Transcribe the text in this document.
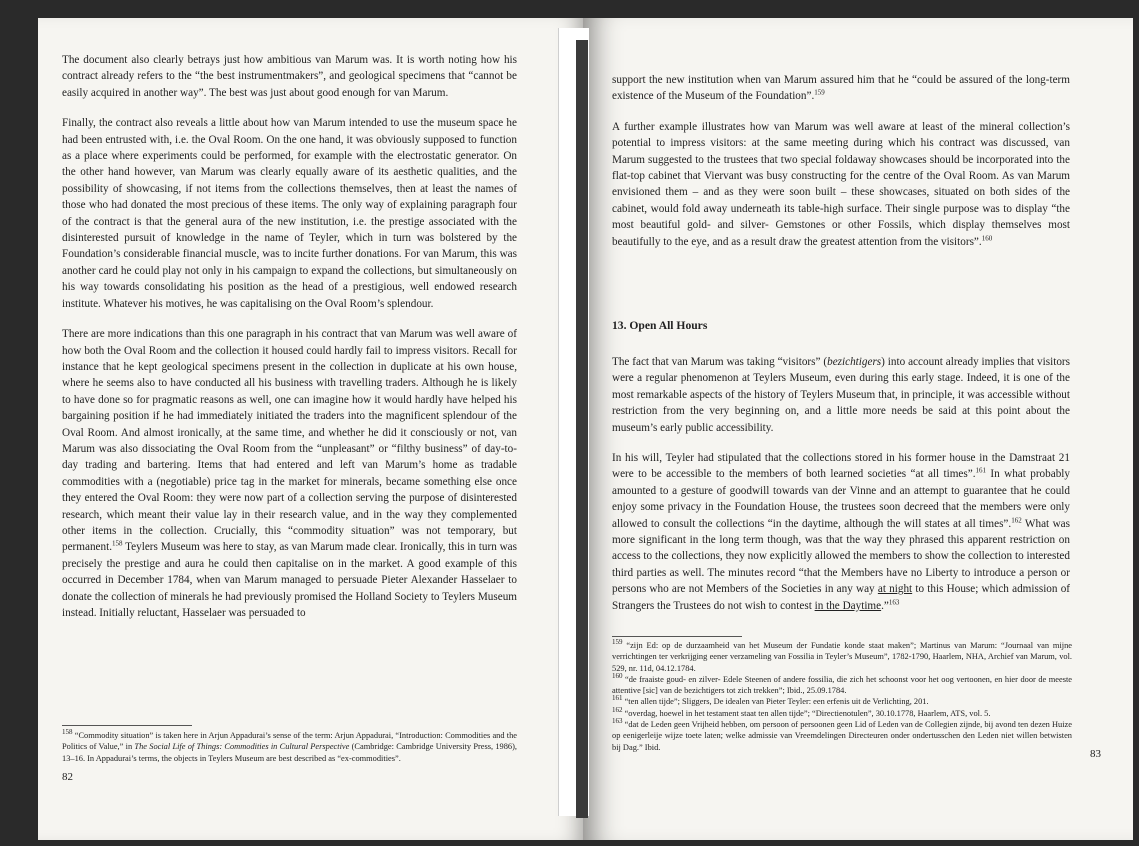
The document also clearly betrays just how ambitious van Marum was. It is worth noting how his contract already refers to the “the best instrumentmakers”, and geological specimens that “cannot be easily acquired in another way”. The best was just about good enough for van Marum.

Finally, the contract also reveals a little about how van Marum intended to use the museum space he had been entrusted with, i.e. the Oval Room. On the one hand, it was obviously supposed to function as a place where experiments could be performed, for example with the electrostatic generator. On the other hand however, van Marum was clearly equally aware of its aesthetic qualities, and the possibility of showcasing, if not items from the collections themselves, then at least the names of those who had donated the most precious of these items. The only way of explaining paragraph four of the contract is that the general aura of the new institution, i.e. the prestige associated with the disinterested pursuit of knowledge in the name of Teyler, which in turn was bolstered by the Foundation’s considerable financial muscle, was to incite further donations. For van Marum, this was another card he could play not only in his campaign to expand the collections, but simultaneously on his way towards consolidating his position as the head of a prestigious, well endowed research institute. Whatever his motives, he was capitalising on the Oval Room’s splendour.

There are more indications than this one paragraph in his contract that van Marum was well aware of how both the Oval Room and the collection it housed could hardly fail to impress visitors. Recall for instance that he kept geological specimens present in the collection in duplicate at his own house, where he seems also to have conducted all his business with travelling traders. Although he is likely to have done so for pragmatic reasons as well, one can imagine how it would hardly have helped his bargaining position if he had immediately initiated the traders into the magnificent splendour of the Oval Room. And almost ironically, at the same time, and whether he did it consciously or not, van Marum was also dissociating the Oval Room from the “unpleasant” or “filthy business” of day-to-day trading and bartering. Items that had entered and left van Marum’s home as tradable commodities with a (negotiable) price tag in the market for minerals, became something else once they entered the Oval Room: they were now part of a collection serving the purpose of disinterested research, which meant their value lay in their research value, and in the way they complemented other items in the collection. Crucially, this “commodity situation” was not temporary, but permanent.$^{158}$ Teylers Museum was here to stay, as van Marum made clear. Ironically, this in turn was precisely the prestige and aura he could then capitalise on in the market. A good example of this occurred in December 1784, when van Marum managed to persuade Pieter Alexander Hasselaer to donate the collection of minerals he had previously promised the Holland Society to Teylers Museum instead. Initially reluctant, Hasselaer was persuaded to

$^{158}$ “Commodity situation” is taken here in Arjun Appadurai’s sense of the term: Arjun Appadurai, “Introduction: Commodities and the Politics of Value,” in The Social Life of Things: Commodities in Cultural Perspective (Cambridge: Cambridge University Press, 1986), 13–16. In Appadurai’s terms, the objects in Teylers Museum are best described as “ex-commodities”.

82

support the new institution when van Marum assured him that he “could be assured of the long-term existence of the Museum of the Foundation”.$^{159}$

A further example illustrates how van Marum was well aware at least of the mineral collection’s potential to impress visitors: at the same meeting during which his contract was discussed, van Marum suggested to the trustees that two special foldaway showcases should be incorporated into the flat-top cabinet that Viervant was busy constructing for the centre of the Oval Room. As van Marum envisioned them – and as they were soon built – these showcases, situated on both sides of the cabinet, would fold away underneath its table-high surface. Their single purpose was to display “the most beautiful gold- and silver- Gemstones or other Fossils, which display themselves most beautifully to the eye, and as a result draw the greatest attention from the visitors”.$^{160}$

13. Open All Hours

The fact that van Marum was taking “visitors” (bezichtigers) into account already implies that visitors were a regular phenomenon at Teylers Museum, even during this early stage. Indeed, it is one of the most remarkable aspects of the history of Teylers Museum that, in principle, it was accessible without restriction from the very beginning on, and a little more needs be said at this point about the museum’s early public accessibility.

In his will, Teyler had stipulated that the collections stored in his former house in the Damstraat 21 were to be accessible to the members of both learned societies “at all times”.$^{161}$ In what probably amounted to a gesture of goodwill towards van der Vinne and an attempt to guarantee that he could enjoy some privacy in the Foundation House, the trustees soon decreed that the members were only allowed to consult the collections “in the daytime, although the will states at all times”.$^{162}$ What was more significant in the long term though, was that the way they phrased this apparent restriction on access to the collections, they now explicitly allowed the members to show the collection to interested third parties as well. The minutes record “that the Members have no Liberty to introduce a person or persons who are not Members of the Societies in any way at night to this House; which admission of Strangers the Trustees do not wish to contest in the Daytime.”$^{163}$

$^{159}$ “zijn Ed: op de durzaamheid van het Museum der Fundatie konde staat maken”; Martinus van Marum: “Journaal van mijne verrichtingen ter verkrijging eener verzameling van Fossilia in Teyler’s Museum”, 1782-1790, Haarlem, NHA, Archief van Marum, vol. 529, nr. 11d, 04.12.1784.

$^{160}$ “de fraaiste goud- en zilver- Edele Steenen of andere fossilia, die zich het schoonst voor het oog vertoonen, en hier door de meeste attentive [sic] van de bezichtigers tot zich trekken”; Ibid., 25.09.1784.

$^{161}$ “ten allen tijde”; Sliggers, De idealen van Pieter Teyler: een erfenis uit de Verlichting, 201.

$^{162}$ “overdag, hoewel in het testament staat ten allen tijde”; “Directienotulen”, 30.10.1778, Haarlem, ATS, vol. 5.

$^{163}$ “dat de Leden geen Vrijheid hebben, om persoon of persoonen geen Lid of Leden van de Collegien zijnde, bij avond ten dezen Huize op eenigerleije wijze toete laten; welke admissie van Vreemdelingen Directeuren onder ondertusschen den Leden niet willen betwisten bij Dag.” Ibid.

83
